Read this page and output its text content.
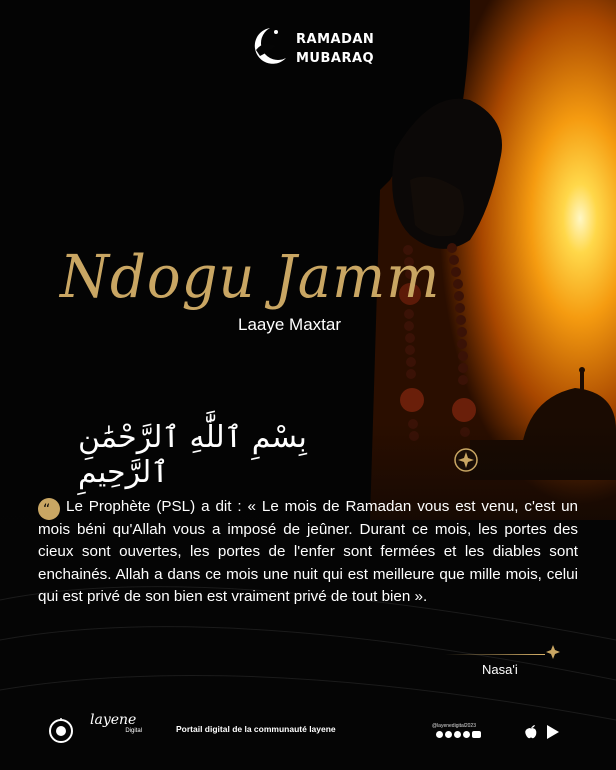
RAMADAN
MUBARAQ
Ndogu Jamm
Laaye Maxtar
بِسْمِ ٱللَّٰهِ ٱلرَّحْمَٰنِ ٱلرَّحِيمِ
“	Le Prophète (PSL) a dit : « Le mois de Ramadan vous est venu, c'est un mois béni qu'Allah vous a imposé de jeûner. Durant ce mois, les portes des cieux sont ouvertes, les portes de l'enfer sont fermées et les diables sont enchainés. Allah a dans ce mois une nuit qui est meilleure que mille mois, celui qui est privé de son bien est vraiment privé de tout bien ».
Nasa'i
layene
Digital	Portail digital de la communauté layene	@layenedigital2023
